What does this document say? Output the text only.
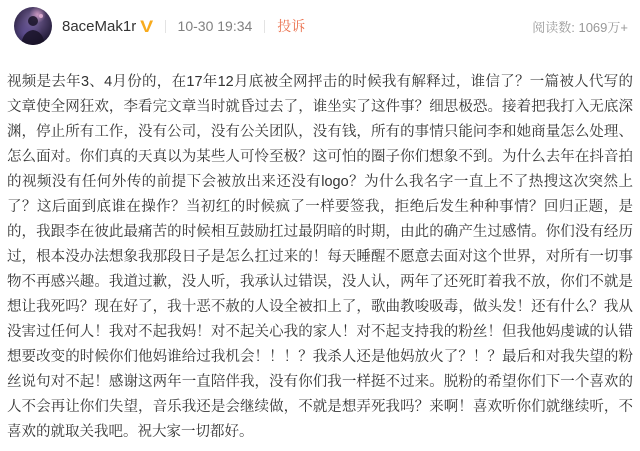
8aceMak1r V 10-30 19:34 投诉	阅读数: 1069万+
视频是去年3、4月份的，在17年12月底被全网抨击的时候我有解释过，谁信了？一篇被人代写的文章使全网狂欢，李看完文章当时就昏过去了，谁坐实了这件事？细思极恐。接着把我打入无底深渊，停止所有工作，没有公司，没有公关团队，没有钱，所有的事情只能问李和她商量怎么处理、怎么面对。你们真的天真以为某些人可怜至极？这可怕的圈子你们想象不到。为什么去年在抖音拍的视频没有任何外传的前提下会被放出来还没有logo？为什么我名字一直上不了热搜这次突然上了？这后面到底谁在操作？当初红的时候疯了一样要签我，拒绝后发生种种事情？回归正题，是的，我跟李在彼此最痛苦的时候相互鼓励扛过最阴暗的时期，由此的确产生过感情。你们没有经历过，根本没办法想象我那段日子是怎么扛过来的！每天睡醒不愿意去面对这个世界，对所有一切事物不再感兴趣。我道过歉，没人听，我承认过错误，没人认，两年了还死盯着我不放，你们不就是想让我死吗？现在好了，我十恶不赦的人设全被扣上了，歌曲教唆吸毒，做头发！还有什么？我从没害过任何人！我对不起我妈！对不起关心我的家人！对不起支持我的粉丝！但我他妈虔诚的认错想要改变的时候你们他妈谁给过我机会！！！？我杀人还是他妈放火了？！？最后和对我失望的粉丝说句对不起！感谢这两年一直陪伴我，没有你们我一样挺不过来。脱粉的希望你们下一个喜欢的人不会再让你们失望，音乐我还是会继续做，不就是想弄死我吗？来啊！喜欢听你们就继续听，不喜欢的就取关我吧。祝大家一切都好。
